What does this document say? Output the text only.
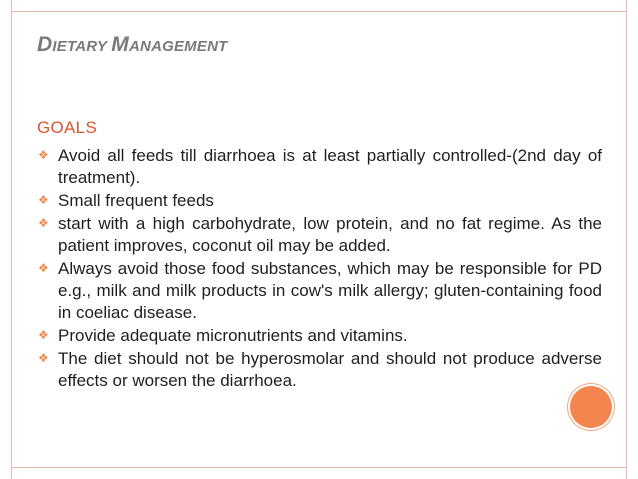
DIETARY MANAGEMENT
GOALS
❖ Avoid all feeds till diarrhoea is at least partially controlled-(2nd day of treatment).
❖ Small frequent feeds
❖ start with a high carbohydrate, low protein, and no fat regime. As the patient improves, coconut oil may be added.
❖ Always avoid those food substances, which may be responsible for PD e.g., milk and milk products in cow's milk allergy; gluten-containing food in coeliac disease.
❖ Provide adequate micronutrients and vitamins.
❖ The diet should not be hyperosmolar and should not produce adverse effects or worsen the diarrhoea.
